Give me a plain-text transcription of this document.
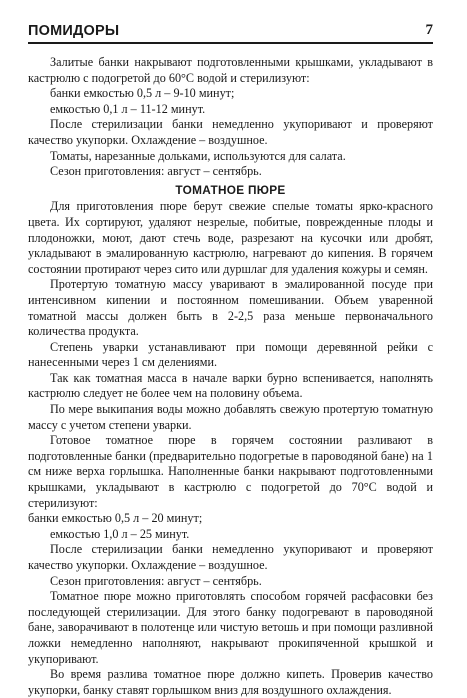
ПОМИДОРЫ	7
Залитые банки накрывают подготовленными крышками, укладывают в кастрюлю с подогретой до 60°С водой и стерилизуют:
банки емкостью 0,5 л – 9-10 минут;
емкостью 0,1 л – 11-12 минут.
После стерилизации банки немедленно укупоривают и проверяют качество укупорки. Охлаждение – воздушное.
Томаты, нарезанные дольками, используются для салата.
Сезон приготовления: август – сентябрь.
ТОМАТНОЕ ПЮРЕ
Для приготовления пюре берут свежие спелые томаты ярко-красного цвета. Их сортируют, удаляют незрелые, побитые, поврежденные плоды и плодоножки, моют, дают стечь воде, разрезают на кусочки или дробят, укладывают в эмалированную кастрюлю, нагревают до кипения. В горячем состоянии протирают через сито или дуршлаг для удаления кожуры и семян.
Протертую томатную массу уваривают в эмалированной посуде при интенсивном кипении и постоянном помешивании. Объем уваренной томатной массы должен быть в 2-2,5 раза меньше первоначального количества продукта.
Степень уварки устанавливают при помощи деревянной рейки с нанесенными через 1 см делениями.
Так как томатная масса в начале варки бурно вспенивается, наполнять кастрюлю следует не более чем на половину объема.
По мере выкипания воды можно добавлять свежую протертую томатную массу с учетом степени уварки.
Готовое томатное пюре в горячем состоянии разливают в подготовленные банки (предварительно подогретые в пароводяной бане) на 1 см ниже верха горлышка. Наполненные банки накрывают подготовленными крышками, укладывают в кастрюлю с подогретой до 70°С водой и стерилизуют:
банки емкостью 0,5 л – 20 минут;
емкостью 1,0 л – 25 минут.
После стерилизации банки немедленно укупоривают и проверяют качество укупорки. Охлаждение – воздушное.
Сезон приготовления: август – сентябрь.
Томатное пюре можно приготовлять способом горячей расфасовки без последующей стерилизации. Для этого банку подогревают в пароводяной бане, заворачивают в полотенце или чистую ветошь и при помощи разливной ложки немедленно наполняют, накрывают прокипяченной крышкой и укупоривают.
Во время разлива томатное пюре должно кипеть. Проверив качество укупорки, банку ставят горлышком вниз для воздушного охлаждения.
